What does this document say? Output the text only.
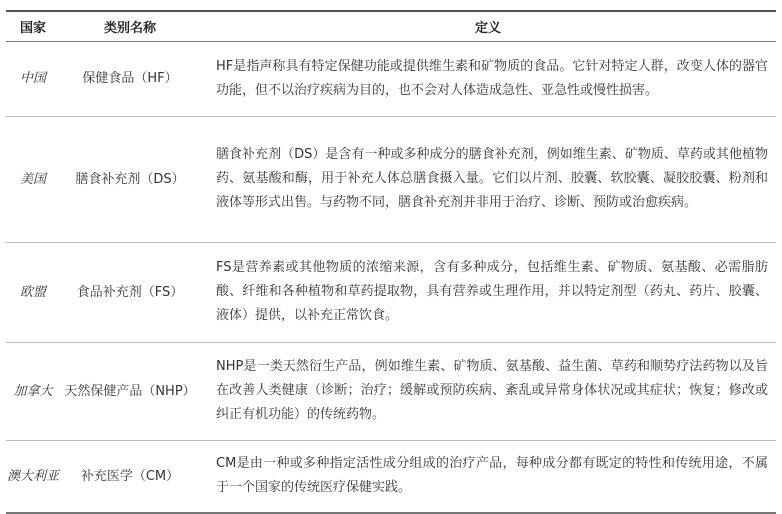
国家	类别名称	定义
中国	保健食品（HF）	HF是指声称具有特定保健功能或提供维生素和矿物质的食品。它针对特定人群，改变人体的器官功能，但不以治疗疾病为目的，也不会对人体造成急性、亚急性或慢性损害。
美国	膳食补充剂（DS）	膳食补充剂（DS）是含有一种或多种成分的膳食补充剂，例如维生素、矿物质、草药或其他植物药、氨基酸和酶，用于补充人体总膳食摄入量。它们以片剂、胶囊、软胶囊、凝胶胶囊、粉剂和液体等形式出售。与药物不同，膳食补充剂并非用于治疗、诊断、预防或治愈疾病。
欧盟	食品补充剂（FS）	FS是营养素或其他物质的浓缩来源，含有多种成分，包括维生素、矿物质、氨基酸、必需脂肪酸、纤维和各种植物和草药提取物，具有营养或生理作用，并以特定剂型（药丸、药片、胶囊、液体）提供，以补充正常饮食。
加拿大	天然保健产品（NHP）	NHP是一类天然衍生产品，例如维生素、矿物质、氨基酸、益生菌、草药和顺势疗法药物以及旨在改善人类健康（诊断；治疗；缓解或预防疾病、紊乱或异常身体状况或其症状；恢复；修改或纠正有机功能）的传统药物。
澳大利亚	补充医学（CM）	CM是由一种或多种指定活性成分组成的治疗产品，每种成分都有既定的特性和传统用途，不属于一个国家的传统医疗保健实践。
